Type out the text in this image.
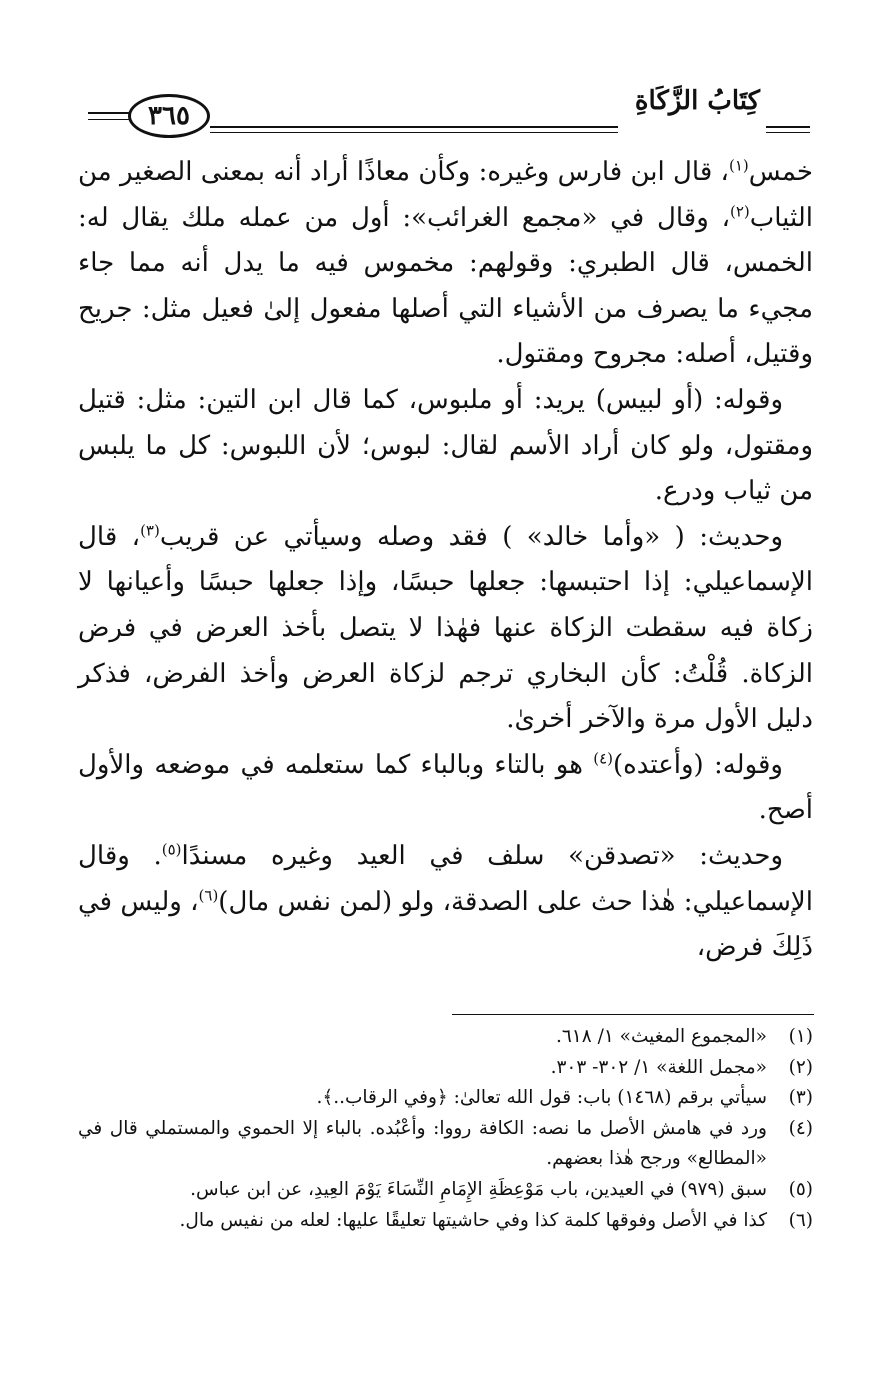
كِتَابُ الزَّكَاةِ
٣٦٥

خمس$^{(١)}$، قال ابن فارس وغيره: وكأن معاذًا أراد أنه بمعنى الصغير من الثياب$^{(٢)}$، وقال في «مجمع الغرائب»: أول من عمله ملك يقال له: الخمس، قال الطبري: وقولهم: مخموس فيه ما يدل أنه مما جاء مجيء ما يصرف من الأشياء التي أصلها مفعول إلىٰ فعيل مثل: جريح وقتيل، أصله: مجروح ومقتول.

وقوله: (أو لبيس) يريد: أو ملبوس، كما قال ابن التين: مثل: قتيل ومقتول، ولو كان أراد الأسم لقال: لبوس؛ لأن اللبوس: كل ما يلبس من ثياب ودرع.

وحديث: ( «وأما خالد» ) فقد وصله وسيأتي عن قريب$^{(٣)}$، قال الإسماعيلي: إذا احتبسها: جعلها حبسًا، وإذا جعلها حبسًا وأعيانها لا زكاة فيه سقطت الزكاة عنها فهٰذا لا يتصل بأخذ العرض في فرض الزكاة. قُلْتُ: كأن البخاري ترجم لزكاة العرض وأخذ الفرض، فذكر دليل الأول مرة والآخر أخرىٰ.

وقوله: (وأعتده)$^{(٤)}$ هو بالتاء وبالباء كما ستعلمه في موضعه والأول أصح.

وحديث: «تصدقن» سلف في العيد وغيره مسندًا$^{(٥)}$. وقال الإسماعيلي: هٰذا حث على الصدقة، ولو (لمن نفس مال)$^{(٦)}$، وليس في ذَلِكَ فرض،

(١)
«المجموع المغيث» ١/ ٦١٨.
(٢)
«مجمل اللغة» ١/ ٣٠٢- ٣٠٣.
(٣)
سيأتي برقم (١٤٦٨) باب: قول الله تعالىٰ: ﴿وفي الرقاب..﴾.
(٤)
ورد في هامش الأصل ما نصه: الكافة رووا: وأعْبُده. بالباء إلا الحموي والمستملي قال في «المطالع» ورجح هٰذا بعضهم.
(٥)
سبق (٩٧٩) في العيدين، باب مَوْعِظَةِ الإِمَامِ النِّسَاءَ يَوْمَ العِيدِ، عن ابن عباس.
(٦)
كذا في الأصل وفوقها كلمة كذا وفي حاشيتها تعليقًا عليها: لعله من نفيس مال.
